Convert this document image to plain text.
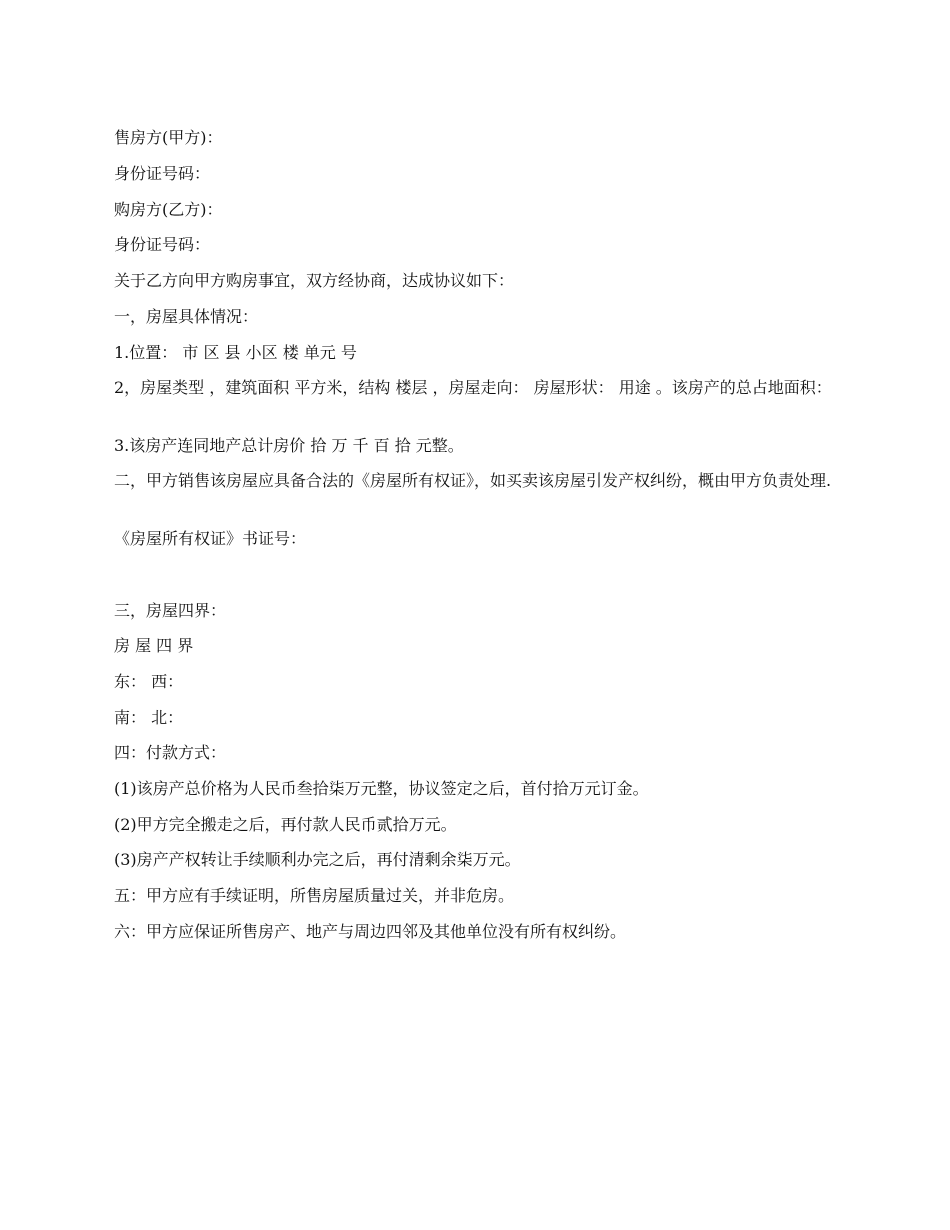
售房方(甲方)：

身份证号码：

购房方(乙方)：

身份证号码：

关于乙方向甲方购房事宜，双方经协商，达成协议如下：

一，房屋具体情况：

1.位置： 市 区 县 小区 楼 单元 号

2，房屋类型 ，建筑面积 平方米，结构 楼层 ，房屋走向： 房屋形状： 用途 。该房产的总占地面积：

3.该房产连同地产总计房价 拾 万 千 百 拾 元整。

二，甲方销售该房屋应具备合法的《房屋所有权证》，如买卖该房屋引发产权纠纷，概由甲方负责处理.

《房屋所有权证》书证号：

三，房屋四界：

房 屋 四 界

东： 西：

南： 北：

四：付款方式：

(1)该房产总价格为人民币叁拾柒万元整，协议签定之后，首付拾万元订金。

(2)甲方完全搬走之后，再付款人民币贰拾万元。

(3)房产产权转让手续顺利办完之后，再付清剩余柒万元。

五：甲方应有手续证明，所售房屋质量过关，并非危房。

六：甲方应保证所售房产、地产与周边四邻及其他单位没有所有权纠纷。
